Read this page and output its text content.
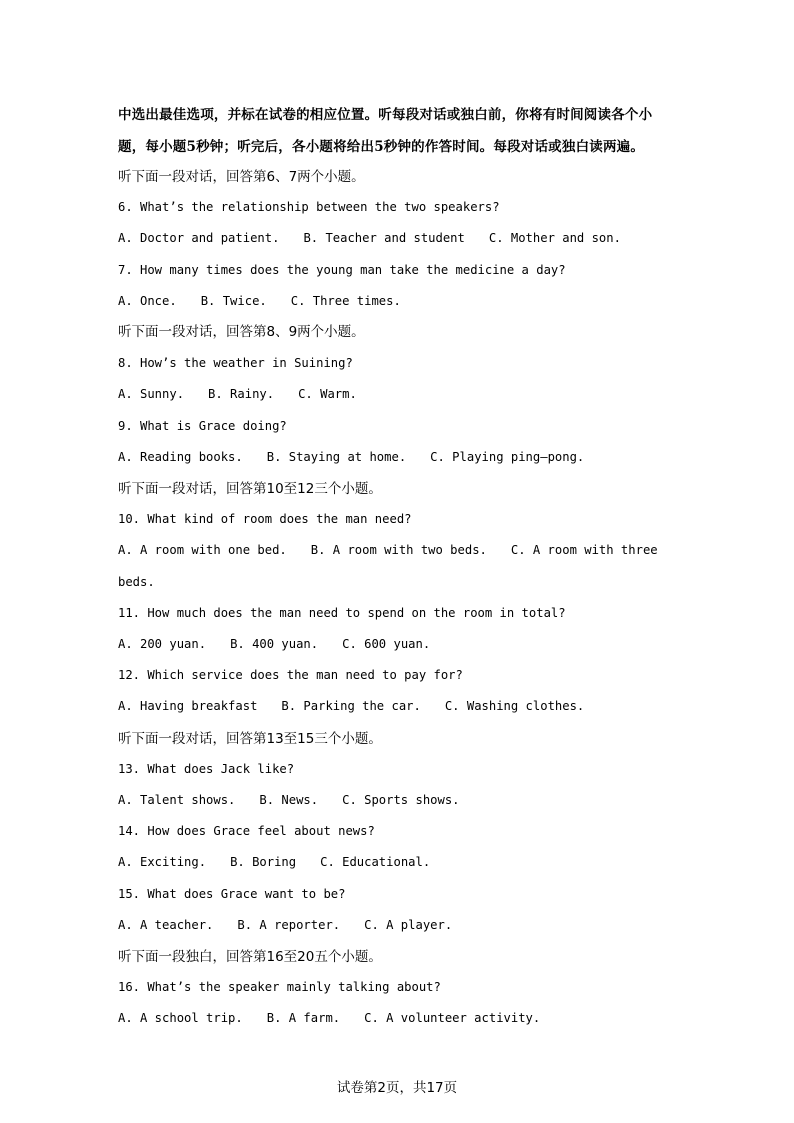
中选出最佳选项，并标在试卷的相应位置。听每段对话或独白前，你将有时间阅读各个小题，每小题5秒钟；听完后，各小题将给出5秒钟的作答时间。每段对话或独白读两遍。
听下面一段对话，回答第6、7两个小题。
6. What’s the relationship between the two speakers?
A. Doctor and patient. B. Teacher and student C. Mother and son.
7. How many times does the young man take the medicine a day?
A. Once. B. Twice. C. Three times.
听下面一段对话，回答第8、9两个小题。
8. How’s the weather in Suining?
A. Sunny. B. Rainy. C. Warm.
9. What is Grace doing?
A. Reading books. B. Staying at home. C. Playing ping—pong.
听下面一段对话，回答第10至12三个小题。
10. What kind of room does the man need?
A. A room with one bed. B. A room with two beds. C. A room with three
beds.
11. How much does the man need to spend on the room in total?
A. 200 yuan. B. 400 yuan. C. 600 yuan.
12. Which service does the man need to pay for?
A. Having breakfast B. Parking the car. C. Washing clothes.
听下面一段对话，回答第13至15三个小题。
13. What does Jack like?
A. Talent shows. B. News. C. Sports shows.
14. How does Grace feel about news?
A. Exciting. B. Boring C. Educational.
15. What does Grace want to be?
A. A teacher. B. A reporter. C. A player.
听下面一段独白，回答第16至20五个小题。
16. What’s the speaker mainly talking about?
A. A school trip. B. A farm. C. A volunteer activity.
试卷第2页，共17页
